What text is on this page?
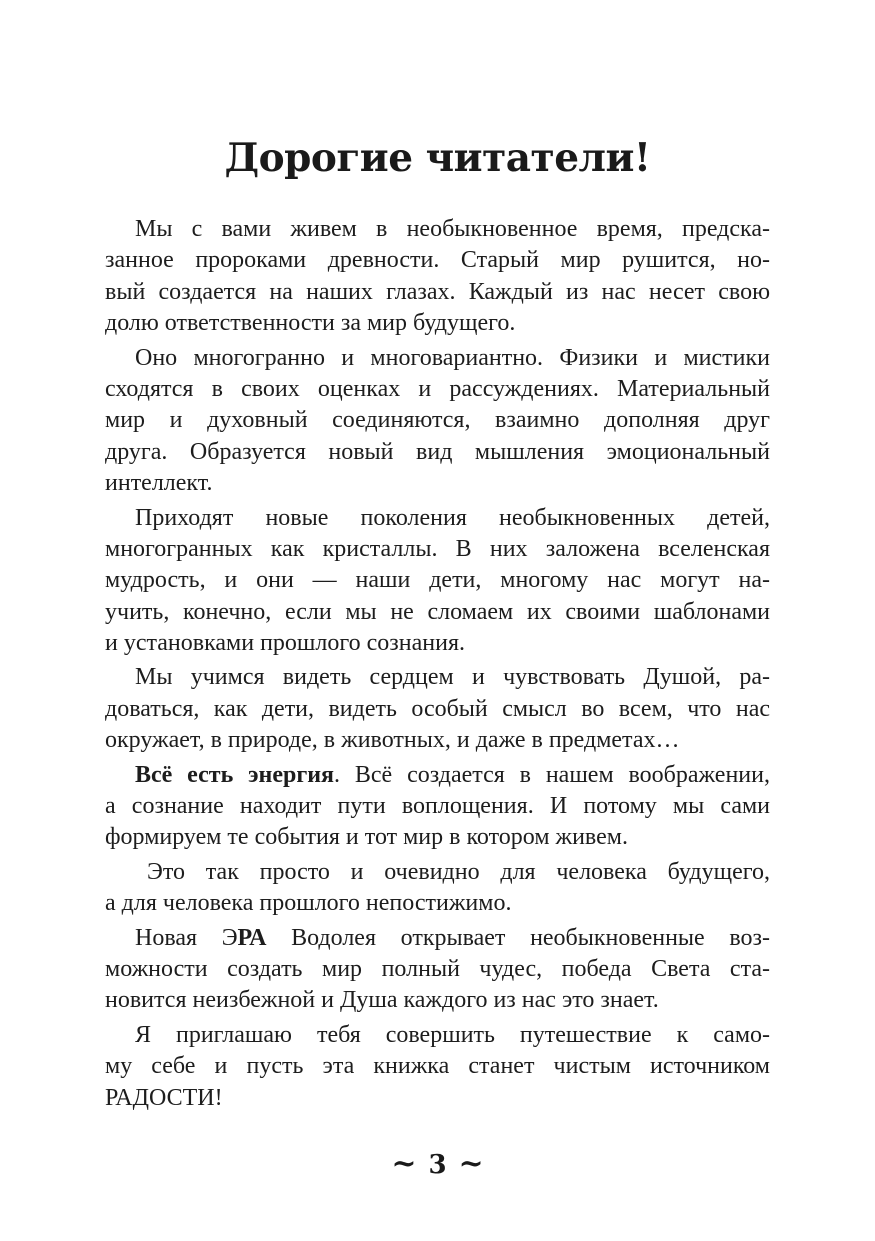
Дорогие читатели!
Мы с вами живем в необыкновенное время, предска-
занное пророками древности. Старый мир рушится, но-
вый создается на наших глазах. Каждый из нас несет свою
долю ответственности за мир будущего.
Оно многогранно и многовариантно. Физики и мистики
сходятся в своих оценках и рассуждениях. Материальный
мир и духовный соединяются, взаимно дополняя друг
друга. Образуется новый вид мышления эмоциональный
интеллект.
Приходят новые поколения необыкновенных детей,
многогранных как кристаллы. В них заложена вселенская
мудрость, и они — наши дети, многому нас могут на-
учить, конечно, если мы не сломаем их своими шаблонами
и установками прошлого сознания.
Мы учимся видеть сердцем и чувствовать Душой, ра-
доваться, как дети, видеть особый смысл во всем, что нас
окружает, в природе, в животных, и даже в предметах…
Всё есть энергия. Всё создается в нашем воображении,
а сознание находит пути воплощения. И потому мы сами
формируем те события и тот мир в котором живем.
Это так просто и очевидно для человека будущего,
а для человека прошлого непостижимо.
Новая ЭРА Водолея открывает необыкновенные воз-
можности создать мир полный чудес, победа Света ста-
новится неизбежной и Душа каждого из нас это знает.
Я приглашаю тебя совершить путешествие к само-
му себе и пусть эта книжка станет чистым источником
РАДОСТИ!
~ 3 ~
